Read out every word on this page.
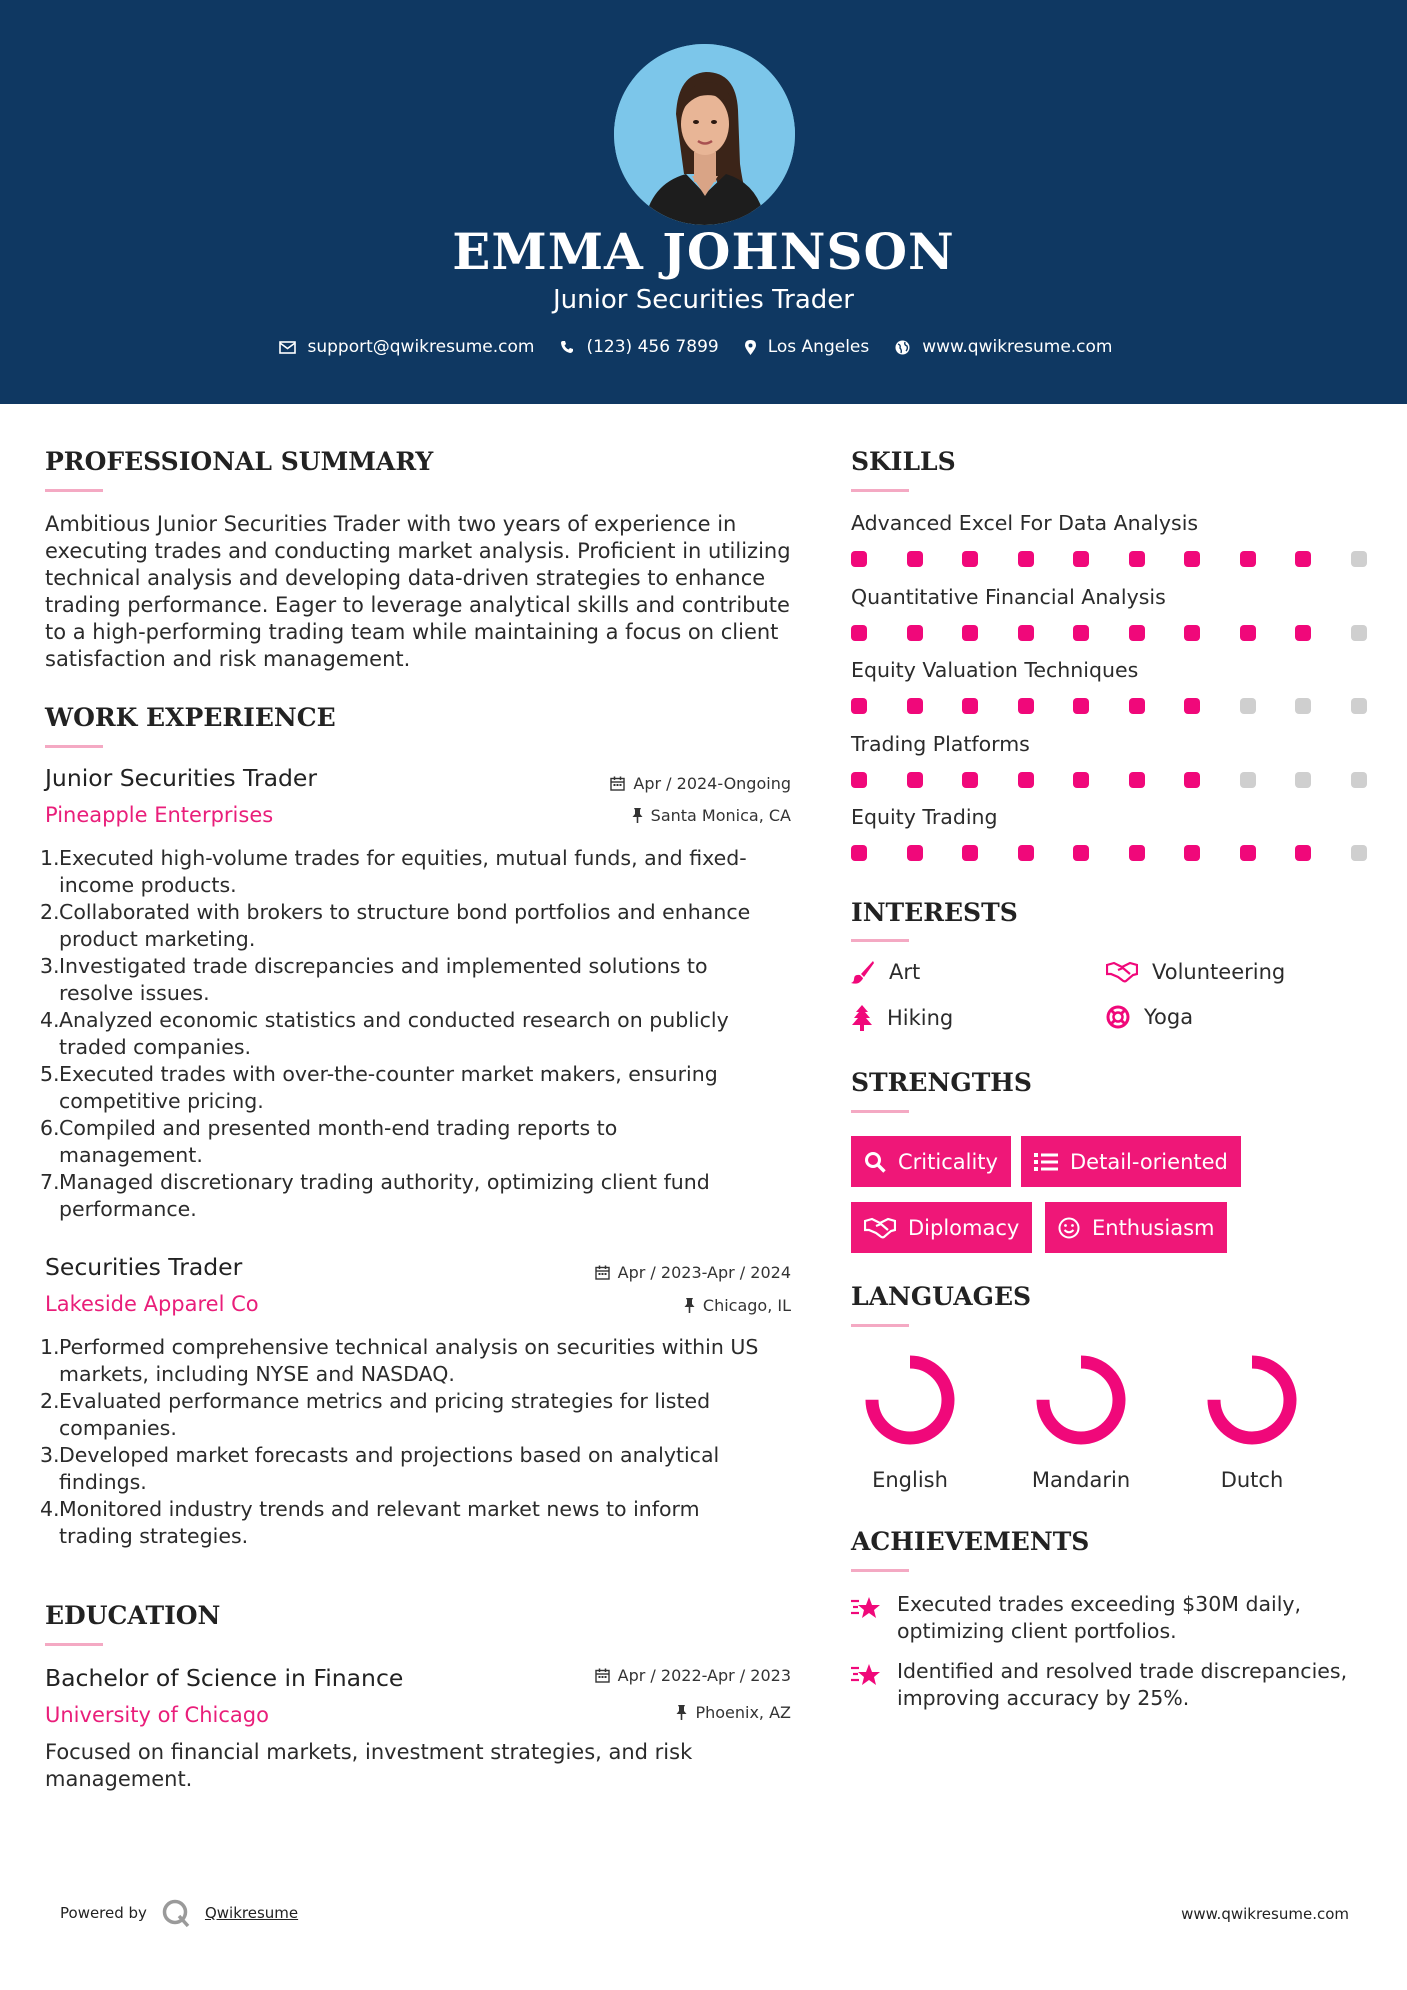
EMMA JOHNSON
Junior Securities Trader
support@qwikresume.com	(123) 456 7899	Los Angeles	www.qwikresume.com
PROFESSIONAL SUMMARY
Ambitious Junior Securities Trader with two years of experience in
executing trades and conducting market analysis. Proficient in utilizing
technical analysis and developing data-driven strategies to enhance
trading performance. Eager to leverage analytical skills and contribute
to a high-performing trading team while maintaining a focus on client
satisfaction and risk management.
WORK EXPERIENCE
Junior Securities Trader	Apr / 2024-Ongoing
Pineapple Enterprises	Santa Monica, CA
1. Executed high-volume trades for equities, mutual funds, and fixed-
income products.
2. Collaborated with brokers to structure bond portfolios and enhance
product marketing.
3. Investigated trade discrepancies and implemented solutions to
resolve issues.
4. Analyzed economic statistics and conducted research on publicly
traded companies.
5. Executed trades with over-the-counter market makers, ensuring
competitive pricing.
6. Compiled and presented month-end trading reports to
management.
7. Managed discretionary trading authority, optimizing client fund
performance.
Securities Trader	Apr / 2023-Apr / 2024
Lakeside Apparel Co	Chicago, IL
1. Performed comprehensive technical analysis on securities within US
markets, including NYSE and NASDAQ.
2. Evaluated performance metrics and pricing strategies for listed
companies.
3. Developed market forecasts and projections based on analytical
findings.
4. Monitored industry trends and relevant market news to inform
trading strategies.
EDUCATION
Bachelor of Science in Finance	Apr / 2022-Apr / 2023
University of Chicago	Phoenix, AZ
Focused on financial markets, investment strategies, and risk
management.
SKILLS
Advanced Excel For Data Analysis
Quantitative Financial Analysis
Equity Valuation Techniques
Trading Platforms
Equity Trading
INTERESTS
Art	Volunteering
Hiking	Yoga
STRENGTHS
Criticality	Detail-oriented
Diplomacy	Enthusiasm
LANGUAGES
English	Mandarin	Dutch
ACHIEVEMENTS
Executed trades exceeding $30M daily,
optimizing client portfolios.
Identified and resolved trade discrepancies,
improving accuracy by 25%.
Powered by	Qwikresume	www.qwikresume.com
